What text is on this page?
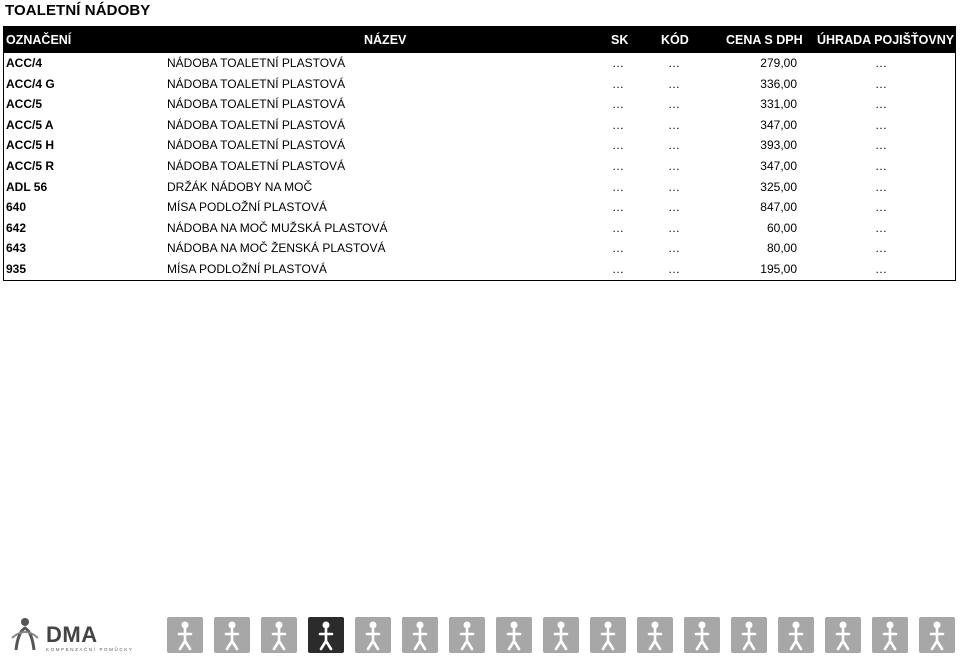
TOALETNÍ NÁDOBY
OZNAČENÍ	NÁZEV	SK	KÓD	CENA S DPH ÚHRADA POJIŠŤOVNY
ACC/4	NÁDOBA TOALETNÍ PLASTOVÁ	…	…	279,00	…
ACC/4 G	NÁDOBA TOALETNÍ PLASTOVÁ	…	…	336,00	…
ACC/5	NÁDOBA TOALETNÍ PLASTOVÁ	…	…	331,00	…
ACC/5 A	NÁDOBA TOALETNÍ PLASTOVÁ	…	…	347,00	…
ACC/5 H	NÁDOBA TOALETNÍ PLASTOVÁ	…	…	393,00	…
ACC/5 R	NÁDOBA TOALETNÍ PLASTOVÁ	…	…	347,00	…
ADL 56	DRŽÁK NÁDOBY NA MOČ	…	…	325,00	…
640	MÍSA PODLOŽNÍ PLASTOVÁ	…	…	847,00	…
642	NÁDOBA NA MOČ MUŽSKÁ PLASTOVÁ	…	…	60,00	…
643	NÁDOBA NA MOČ ŽENSKÁ PLASTOVÁ	…	…	80,00	…
935	MÍSA PODLOŽNÍ PLASTOVÁ	…	…	195,00	…
DMA
KOMPENZAČNÍ POMŮCKY
